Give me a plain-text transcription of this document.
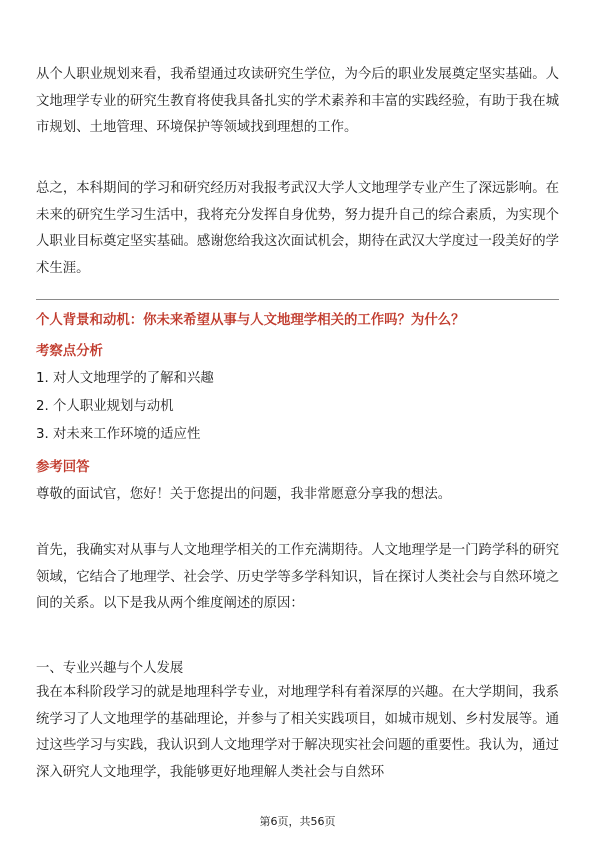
从个人职业规划来看，我希望通过攻读研究生学位，为今后的职业发展奠定坚实基础。人文地理学专业的研究生教育将使我具备扎实的学术素养和丰富的实践经验，有助于我在城市规划、土地管理、环境保护等领域找到理想的工作。

总之，本科期间的学习和研究经历对我报考武汉大学人文地理学专业产生了深远影响。在未来的研究生学习生活中，我将充分发挥自身优势，努力提升自己的综合素质，为实现个人职业目标奠定坚实基础。感谢您给我这次面试机会，期待在武汉大学度过一段美好的学术生涯。

个人背景和动机：你未来希望从事与人文地理学相关的工作吗？为什么？

考察点分析

1. 对人文地理学的了解和兴趣

2. 个人职业规划与动机

3. 对未来工作环境的适应性

参考回答

尊敬的面试官，您好！关于您提出的问题，我非常愿意分享我的想法。

首先，我确实对从事与人文地理学相关的工作充满期待。人文地理学是一门跨学科的研究领域，它结合了地理学、社会学、历史学等多学科知识，旨在探讨人类社会与自然环境之间的关系。以下是我从两个维度阐述的原因：

一、专业兴趣与个人发展

我在本科阶段学习的就是地理科学专业，对地理学科有着深厚的兴趣。在大学期间，我系统学习了人文地理学的基础理论，并参与了相关实践项目，如城市规划、乡村发展等。通过这些学习与实践，我认识到人文地理学对于解决现实社会问题的重要性。我认为，通过深入研究人文地理学，我能够更好地理解人类社会与自然环

第6页，共56页
